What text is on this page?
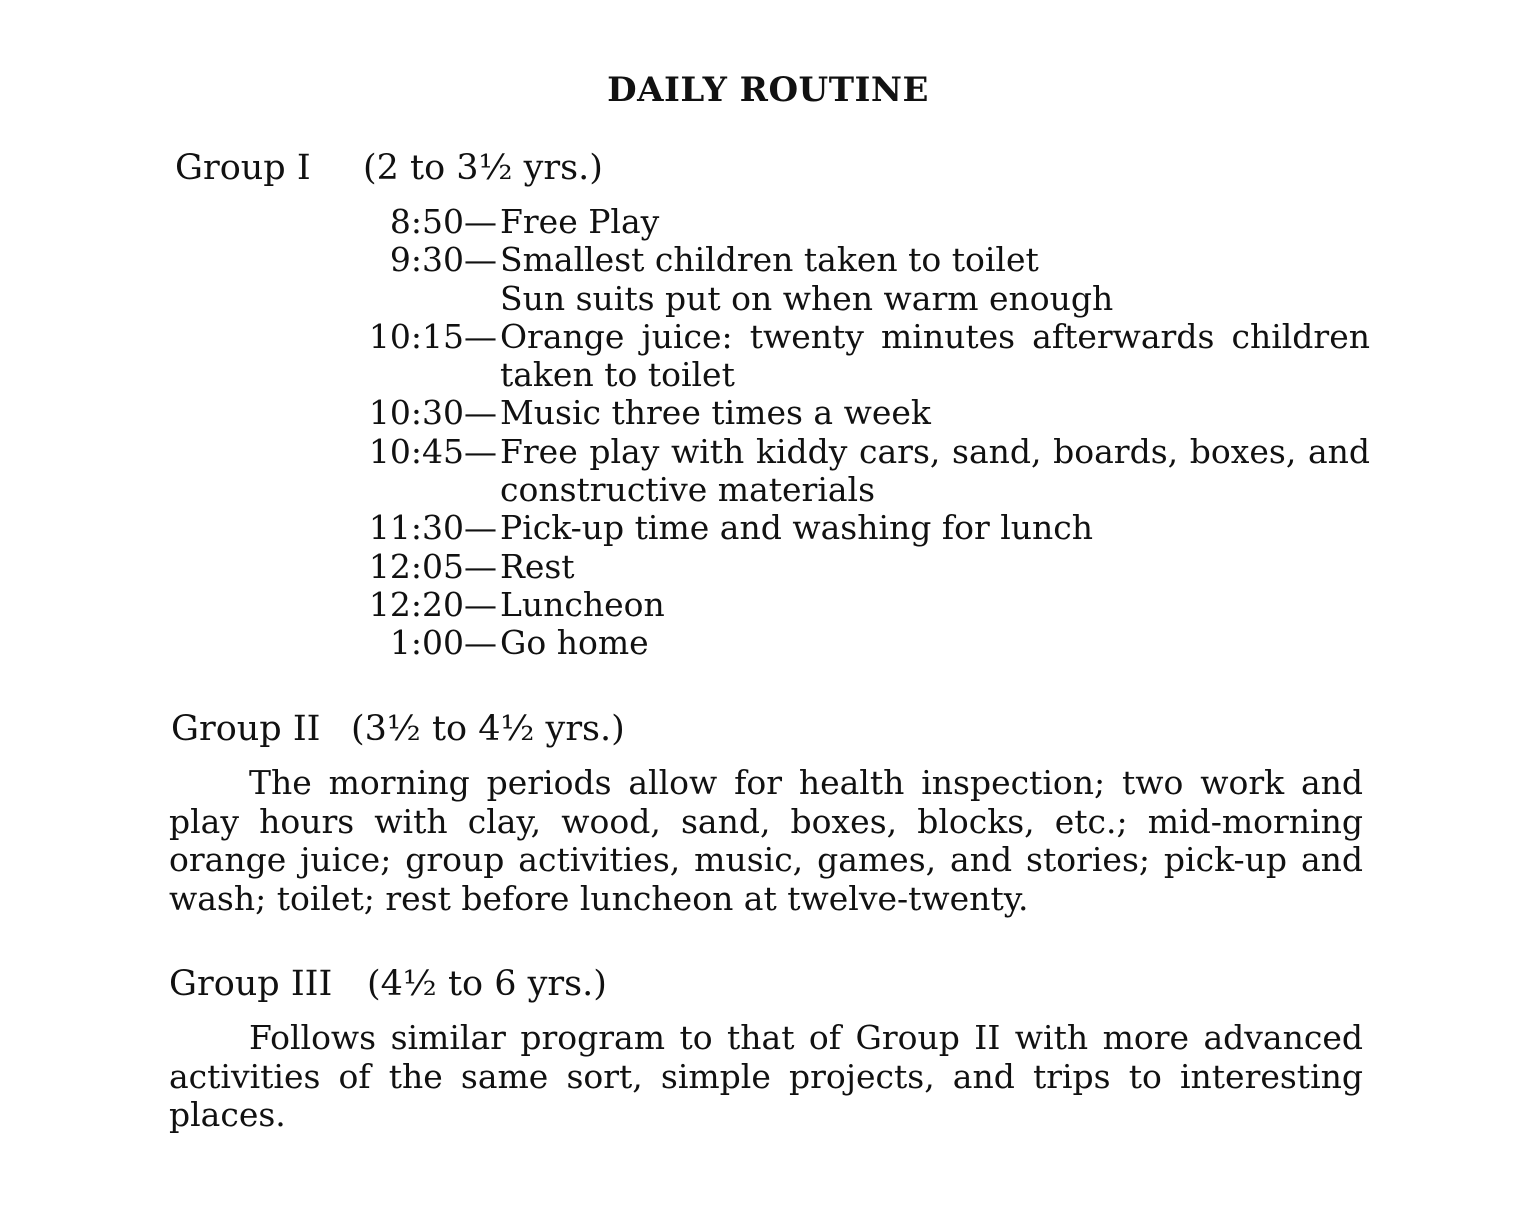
DAILY ROUTINE
Group I (2 to 3½ yrs.)
8:50 — Free Play
9:30 — Smallest children taken to toilet
Sun suits put on when warm enough
10:15 — Orange juice: twenty minutes afterwards children taken to toilet
10:30 — Music three times a week
10:45 — Free play with kiddy cars, sand, boards, boxes, and constructive materials
11:30 — Pick-up time and washing for lunch
12:05 — Rest
12:20 — Luncheon
1:00 — Go home
Group II (3½ to 4½ yrs.)

The morning periods allow for health inspection; two work and play hours with clay, wood, sand, boxes, blocks, etc.; mid-morning orange juice; group activities, music, games, and stories; pick-up and wash; toilet; rest before luncheon at twelve-twenty.

Group III (4½ to 6 yrs.)

Follows similar program to that of Group II with more advanced activities of the same sort, simple projects, and trips to interesting places.
